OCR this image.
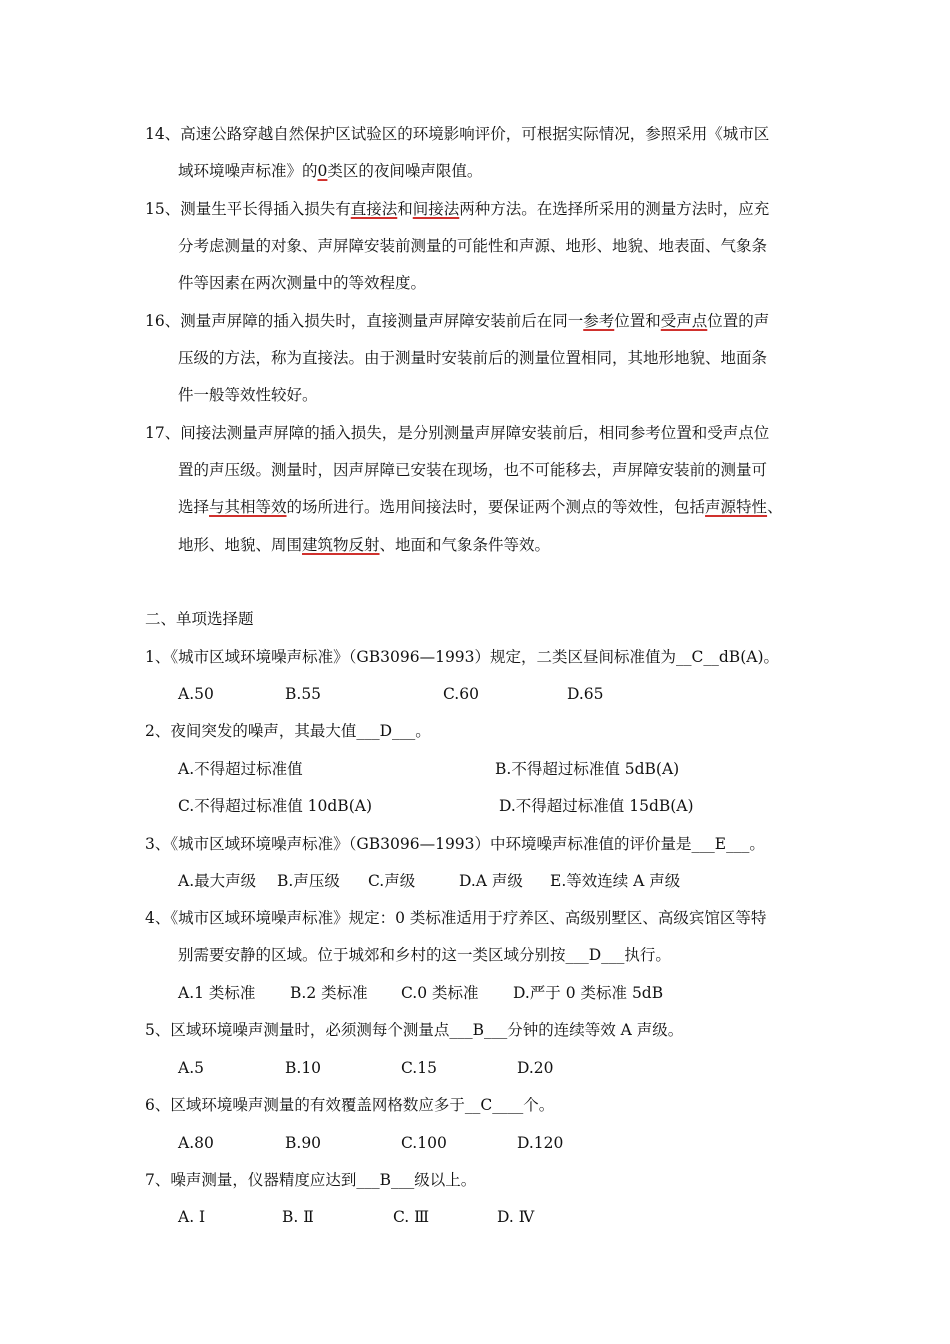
14、高速公路穿越自然保护区试验区的环境影响评价，可根据实际情况，参照采用《城市区
域环境噪声标准》的0类区的夜间噪声限值。
15、测量生平长得插入损失有直接法和间接法两种方法。在选择所采用的测量方法时，应充
分考虑测量的对象、声屏障安装前测量的可能性和声源、地形、地貌、地表面、气象条
件等因素在两次测量中的等效程度。
16、测量声屏障的插入损失时，直接测量声屏障安装前后在同一参考位置和受声点位置的声
压级的方法，称为直接法。由于测量时安装前后的测量位置相同，其地形地貌、地面条
件一般等效性较好。
17、间接法测量声屏障的插入损失，是分别测量声屏障安装前后，相同参考位置和受声点位
置的声压级。测量时，因声屏障已安装在现场，也不可能移去，声屏障安装前的测量可
选择与其相等效的场所进行。选用间接法时，要保证两个测点的等效性，包括声源特性、
地形、地貌、周围建筑物反射、地面和气象条件等效。
二、单项选择题
1、《城市区域环境噪声标准》（GB3096—1993）规定，二类区昼间标准值为__C__dB(A)。
A.50	B.55	C.60	D.65
2、夜间突发的噪声，其最大值___D___。
A.不得超过标准值	B.不得超过标准值 5dB(A)
C.不得超过标准值 10dB(A)	D.不得超过标准值 15dB(A)
3、《城市区域环境噪声标准》（GB3096—1993）中环境噪声标准值的评价量是___E___。
A.最大声级 B.声压级 C.声级	D.A 声级 E.等效连续 A 声级
4、《城市区域环境噪声标准》规定：0 类标准适用于疗养区、高级别墅区、高级宾馆区等特
别需要安静的区域。位于城郊和乡村的这一类区域分别按___D___执行。
A.1 类标准 B.2 类标准 C.0 类标准 D.严于 0 类标准 5dB
5、区域环境噪声测量时，必须测每个测量点___B___分钟的连续等效 A 声级。
A.5	B.10	C.15	D.20
6、区域环境噪声测量的有效覆盖网格数应多于__C____个。
A.80	B.90	C.100	D.120
7、噪声测量，仪器精度应达到___B___级以上。
A. Ⅰ	B. Ⅱ	C. Ⅲ	D. Ⅳ
